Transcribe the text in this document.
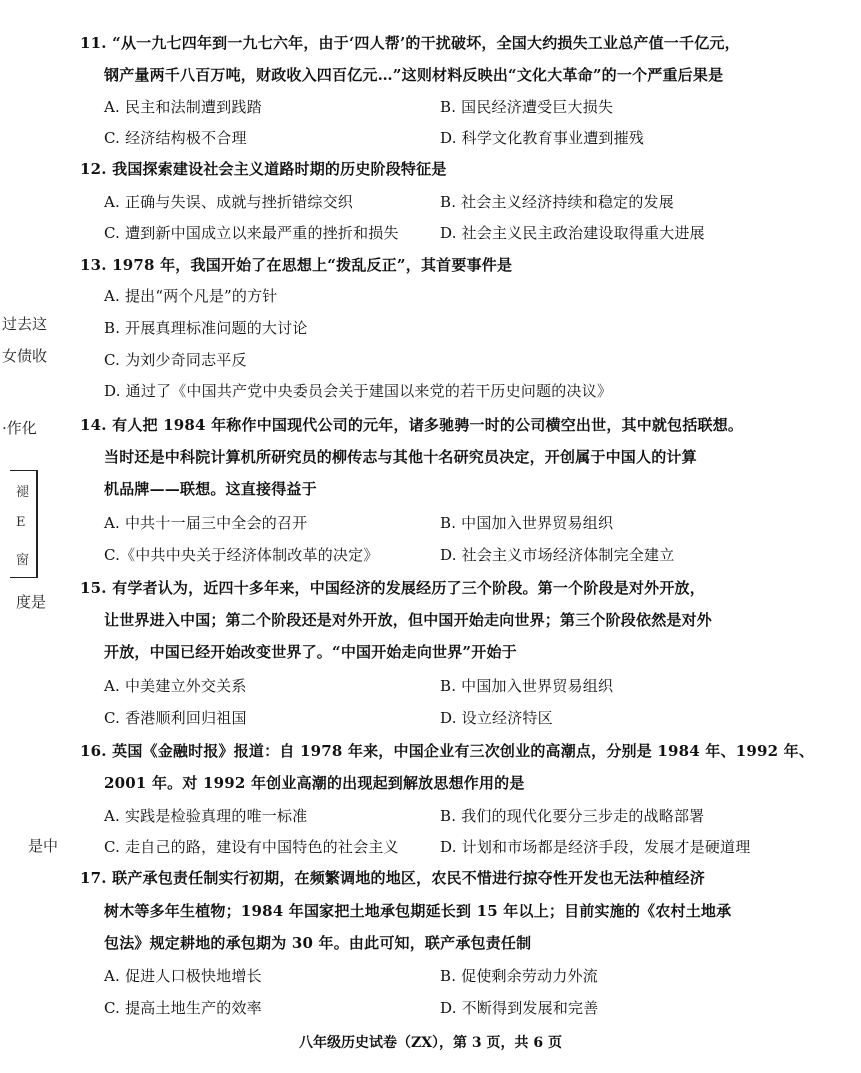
过去这
女债收
·作化
褪
E
窗
度是
是中
11. “从一九七四年到一九七六年，由于‘四人帮’的干扰破坏，全国大约损失工业总产值一千亿元，
钢产量两千八百万吨，财政收入四百亿元…”这则材料反映出“文化大革命”的一个严重后果是
A. 民主和法制遭到践踏	B. 国民经济遭受巨大损失
C. 经济结构极不合理	D. 科学文化教育事业遭到摧残
12. 我国探索建设社会主义道路时期的历史阶段特征是
A. 正确与失误、成就与挫折错综交织	B. 社会主义经济持续和稳定的发展
C. 遭到新中国成立以来最严重的挫折和损失	D. 社会主义民主政治建设取得重大进展
13. 1978 年，我国开始了在思想上“拨乱反正”，其首要事件是
A. 提出“两个凡是”的方针
B. 开展真理标准问题的大讨论
C. 为刘少奇同志平反
D. 通过了《中国共产党中央委员会关于建国以来党的若干历史问题的决议》
14. 有人把 1984 年称作中国现代公司的元年，诸多驰骋一时的公司横空出世，其中就包括联想。
当时还是中科院计算机所研究员的柳传志与其他十名研究员决定，开创属于中国人的计算
机品牌——联想。这直接得益于
A. 中共十一届三中全会的召开	B. 中国加入世界贸易组织
C.《中共中央关于经济体制改革的决定》	D. 社会主义市场经济体制完全建立
15. 有学者认为，近四十多年来，中国经济的发展经历了三个阶段。第一个阶段是对外开放，
让世界进入中国；第二个阶段还是对外开放，但中国开始走向世界；第三个阶段依然是对外
开放，中国已经开始改变世界了。“中国开始走向世界”开始于
A. 中美建立外交关系	B. 中国加入世界贸易组织
C. 香港顺利回归祖国	D. 设立经济特区
16. 英国《金融时报》报道：自 1978 年来，中国企业有三次创业的高潮点，分别是 1984 年、1992 年、
2001 年。对 1992 年创业高潮的出现起到解放思想作用的是
A. 实践是检验真理的唯一标准	B. 我们的现代化要分三步走的战略部署
C. 走自己的路，建设有中国特色的社会主义	D. 计划和市场都是经济手段，发展才是硬道理
17. 联产承包责任制实行初期，在频繁调地的地区，农民不惜进行掠夺性开发也无法种植经济
树木等多年生植物；1984 年国家把土地承包期延长到 15 年以上；目前实施的《农村土地承
包法》规定耕地的承包期为 30 年。由此可知，联产承包责任制
A. 促进人口极快地增长	B. 促使剩余劳动力外流
C. 提高土地生产的效率	D. 不断得到发展和完善
八年级历史试卷（ZX），第 3 页，共 6 页
